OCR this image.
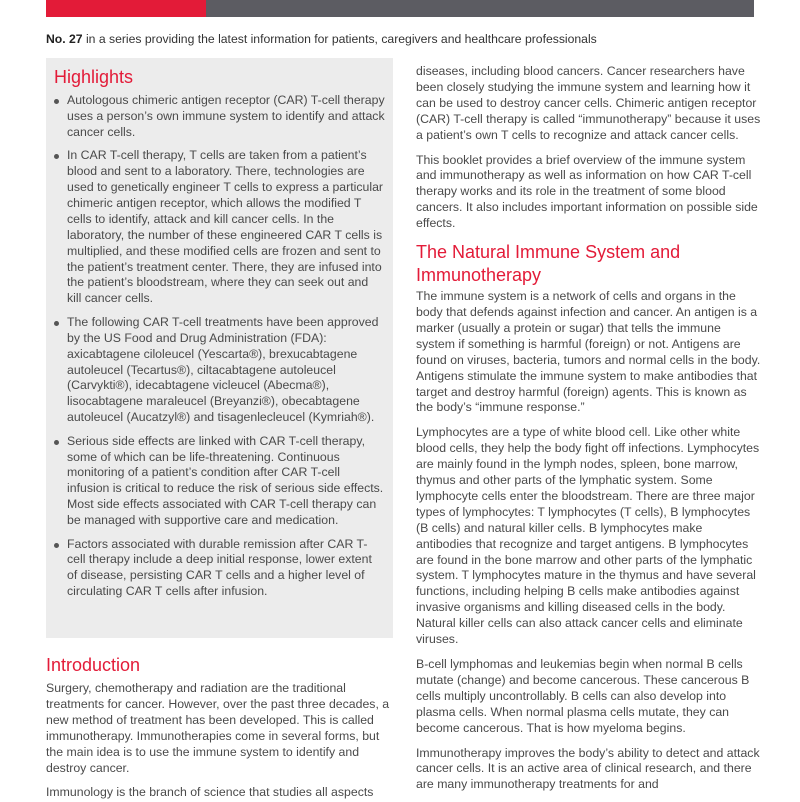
No. 27 in a series providing the latest information for patients, caregivers and healthcare professionals
Highlights
Autologous chimeric antigen receptor (CAR) T-cell therapy uses a person’s own immune system to identify and attack cancer cells.
In CAR T-cell therapy, T cells are taken from a patient’s blood and sent to a laboratory. There, technologies are used to genetically engineer T cells to express a particular chimeric antigen receptor, which allows the modified T cells to identify, attack and kill cancer cells. In the laboratory, the number of these engineered CAR T cells is multiplied, and these modified cells are frozen and sent to the patient’s treatment center. There, they are infused into the patient’s bloodstream, where they can seek out and kill cancer cells.
The following CAR T-cell treatments have been approved by the US Food and Drug Administration (FDA): axicabtagene ciloleucel (Yescarta®), brexucabtagene autoleucel (Tecartus®), ciltacabtagene autoleucel (Carvykti®), idecabtagene vicleucel (Abecma®), lisocabtagene maraleucel (Breyanzi®), obecabtagene autoleucel (Aucatzyl®) and tisagenlecleucel (Kymriah®).
Serious side effects are linked with CAR T-cell therapy, some of which can be life-threatening. Continuous monitoring of a patient’s condition after CAR T-cell infusion is critical to reduce the risk of serious side effects. Most side effects associated with CAR T-cell therapy can be managed with supportive care and medication.
Factors associated with durable remission after CAR T-cell therapy include a deep initial response, lower extent of disease, persisting CAR T cells and a higher level of circulating CAR T cells after infusion.
Introduction

Surgery, chemotherapy and radiation are the traditional treatments for cancer. However, over the past three decades, a new method of treatment has been developed. This is called immunotherapy. Immunotherapies come in several forms, but the main idea is to use the immune system to identify and destroy cancer.

Immunology is the branch of science that studies all aspects

diseases, including blood cancers. Cancer researchers have been closely studying the immune system and learning how it can be used to destroy cancer cells. Chimeric antigen receptor (CAR) T-cell therapy is called “immunotherapy” because it uses a patient’s own T cells to recognize and attack cancer cells.

This booklet provides a brief overview of the immune system and immunotherapy as well as information on how CAR T-cell therapy works and its role in the treatment of some blood cancers. It also includes important information on possible side effects.

The Natural Immune System and Immunotherapy

The immune system is a network of cells and organs in the body that defends against infection and cancer. An antigen is a marker (usually a protein or sugar) that tells the immune system if something is harmful (foreign) or not. Antigens are found on viruses, bacteria, tumors and normal cells in the body. Antigens stimulate the immune system to make antibodies that target and destroy harmful (foreign) agents. This is known as the body’s “immune response.”

Lymphocytes are a type of white blood cell. Like other white blood cells, they help the body fight off infections. Lymphocytes are mainly found in the lymph nodes, spleen, bone marrow, thymus and other parts of the lymphatic system. Some lymphocyte cells enter the bloodstream. There are three major types of lymphocytes: T lymphocytes (T cells), B lymphocytes (B cells) and natural killer cells. B lymphocytes make antibodies that recognize and target antigens. B lymphocytes are found in the bone marrow and other parts of the lymphatic system. T lymphocytes mature in the thymus and have several functions, including helping B cells make antibodies against invasive organisms and killing diseased cells in the body. Natural killer cells can also attack cancer cells and eliminate viruses.

B-cell lymphomas and leukemias begin when normal B cells mutate (change) and become cancerous. These cancerous B cells multiply uncontrollably. B cells can also develop into plasma cells. When normal plasma cells mutate, they can become cancerous. That is how myeloma begins.

Immunotherapy improves the body’s ability to detect and attack cancer cells. It is an active area of clinical research, and there are many immunotherapy treatments for and
